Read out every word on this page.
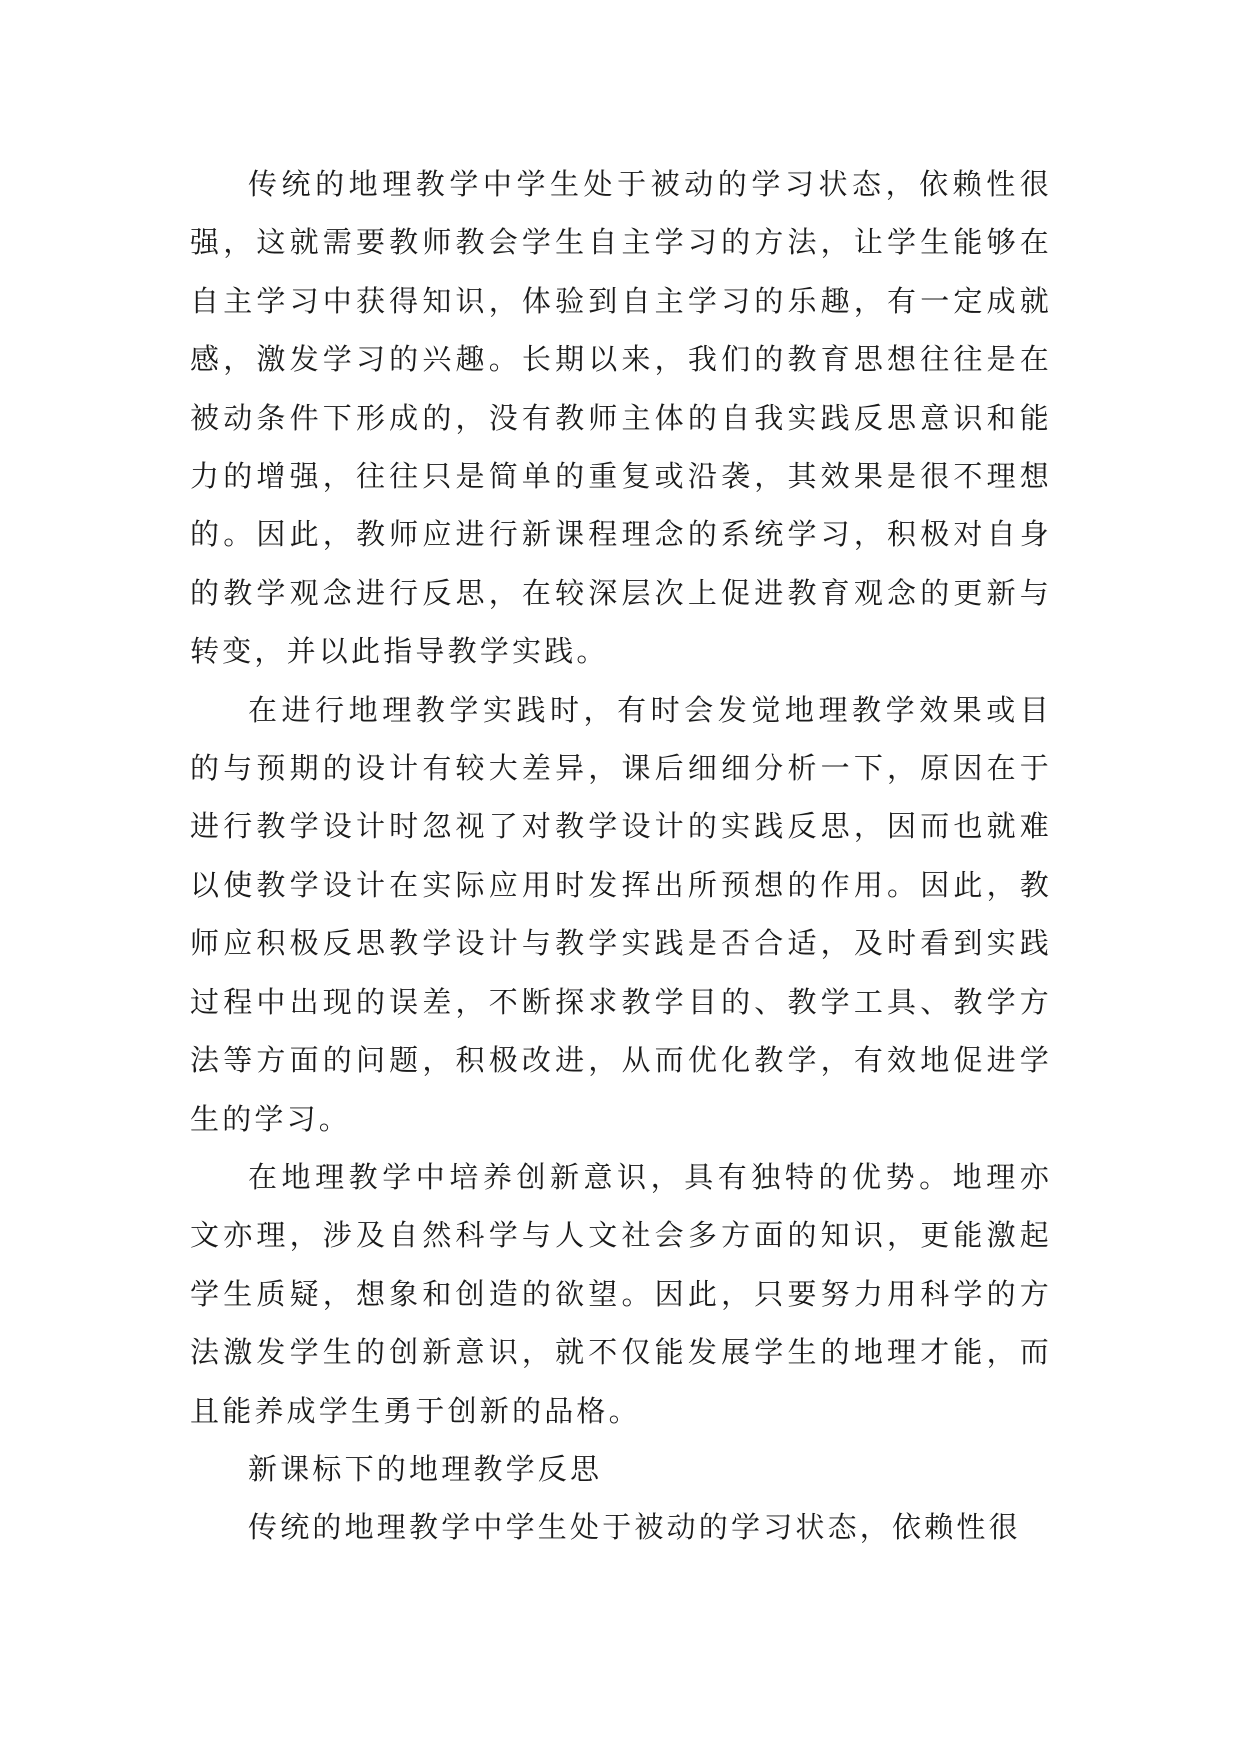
传统的地理教学中学生处于被动的学习状态，依赖性很强，这就需要教师教会学生自主学习的方法，让学生能够在自主学习中获得知识，体验到自主学习的乐趣，有一定成就感，激发学习的兴趣。长期以来，我们的教育思想往往是在被动条件下形成的，没有教师主体的自我实践反思意识和能力的增强，往往只是简单的重复或沿袭，其效果是很不理想的。因此，教师应进行新课程理念的系统学习，积极对自身的教学观念进行反思，在较深层次上促进教育观念的更新与转变，并以此指导教学实践。

在进行地理教学实践时，有时会发觉地理教学效果或目的与预期的设计有较大差异，课后细细分析一下，原因在于进行教学设计时忽视了对教学设计的实践反思，因而也就难以使教学设计在实际应用时发挥出所预想的作用。因此，教师应积极反思教学设计与教学实践是否合适，及时看到实践过程中出现的误差，不断探求教学目的、教学工具、教学方法等方面的问题，积极改进，从而优化教学，有效地促进学生的学习。

在地理教学中培养创新意识，具有独特的优势。地理亦文亦理，涉及自然科学与人文社会多方面的知识，更能激起学生质疑，想象和创造的欲望。因此，只要努力用科学的方法激发学生的创新意识，就不仅能发展学生的地理才能，而且能养成学生勇于创新的品格。

新课标下的地理教学反思

传统的地理教学中学生处于被动的学习状态，依赖性很
